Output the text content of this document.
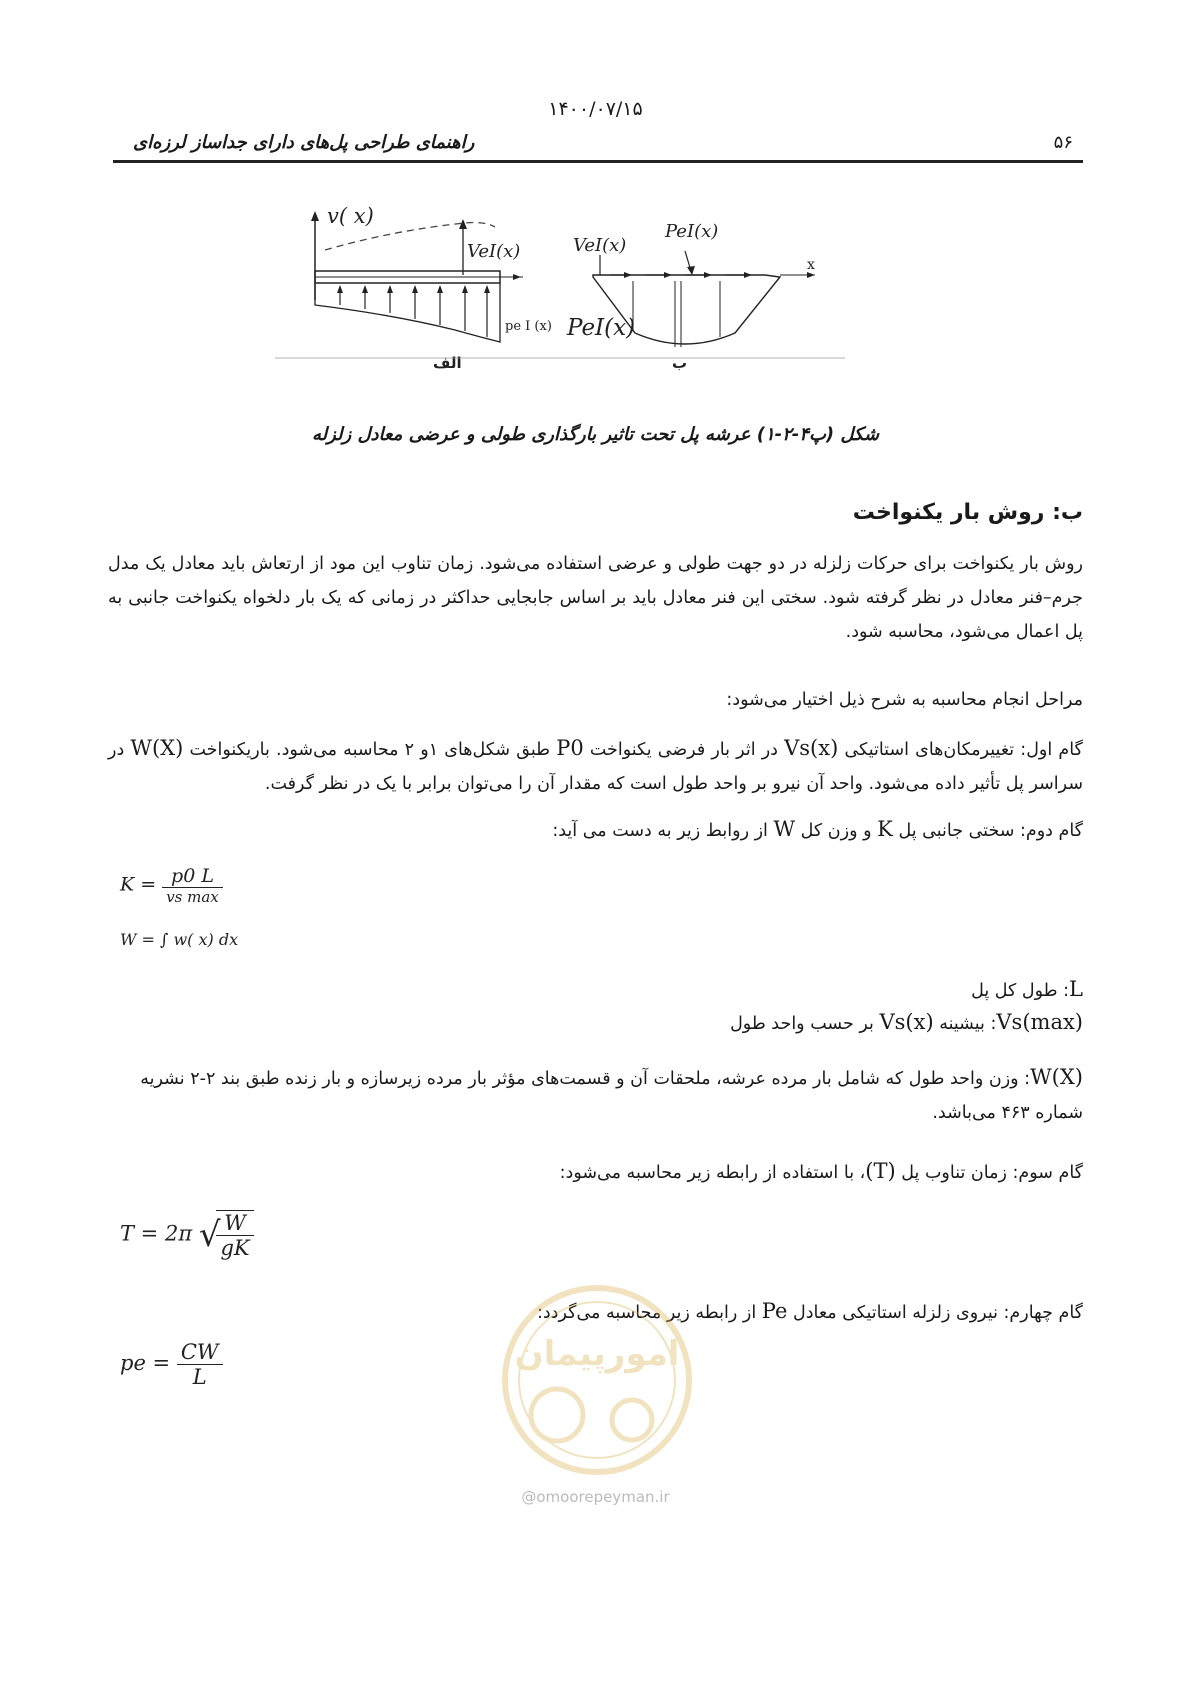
۱۴۰۰/۰۷/۱۵
راهنمای طراحی پل‌های دارای جداساز لرزه‌ای	۵۶
v( x)
VeI(x)
pe I (x)
الف
VeI(x)
PeI(x)
PeI(x)
x
ب
شکل (پ۴-۲-۱) عرشه پل تحت تاثیر بارگذاری طولی و عرضی معادل زلزله
ب: روش بار یکنواخت
روش بار یکنواخت برای حرکات زلزله در دو جهت طولی و عرضی استفاده می‌شود. زمان تناوب این مود از ارتعاش باید معادل یک مدل جرم–فنر معادل در نظر گرفته شود. سختی این فنر معادل باید بر اساس جابجایی حداکثر در زمانی که یک بار دلخواه یکنواخت جانبی به پل اعمال می‌شود، محاسبه شود.
مراحل انجام محاسبه به شرح ذیل اختیار می‌شود:
گام اول: تغییرمکان‌های استاتیکی Vs(x) در اثر بار فرضی یکنواخت P0 طبق شکل‌های ۱و ۲ محاسبه می‌شود. باریکنواخت W(X) در سراسر پل تأثیر داده می‌شود. واحد آن نیرو بر واحد طول است که مقدار آن را می‌توان برابر با یک در نظر گرفت.
گام دوم: سختی جانبی پل K و وزن کل W از روابط زیر به دست می آید:
$K = \frac{p0 L}{\text{vs max}}$
W = ∫ w( x) dx
L: طول کل پل
Vs(max): بیشینه Vs(x) بر حسب واحد طول
W(X): وزن واحد طول که شامل بار مرده عرشه، ملحقات آن و قسمت‌های مؤثر بار مرده زیرسازه و بار زنده طبق بند ۲-۲ نشریه شماره ۴۶۳ می‌باشد.
گام سوم: زمان تناوب پل (T)، با استفاده از رابطه زیر محاسبه می‌شود:
T = 2π √
$\frac{W}{gK}$
گام چهارم: نیروی زلزله استاتیکی معادل Pe از رابطه زیر محاسبه می‌گردد:
pe = $\frac{CW}{L}$	امورپیمان
@omoorepeyman.ir
